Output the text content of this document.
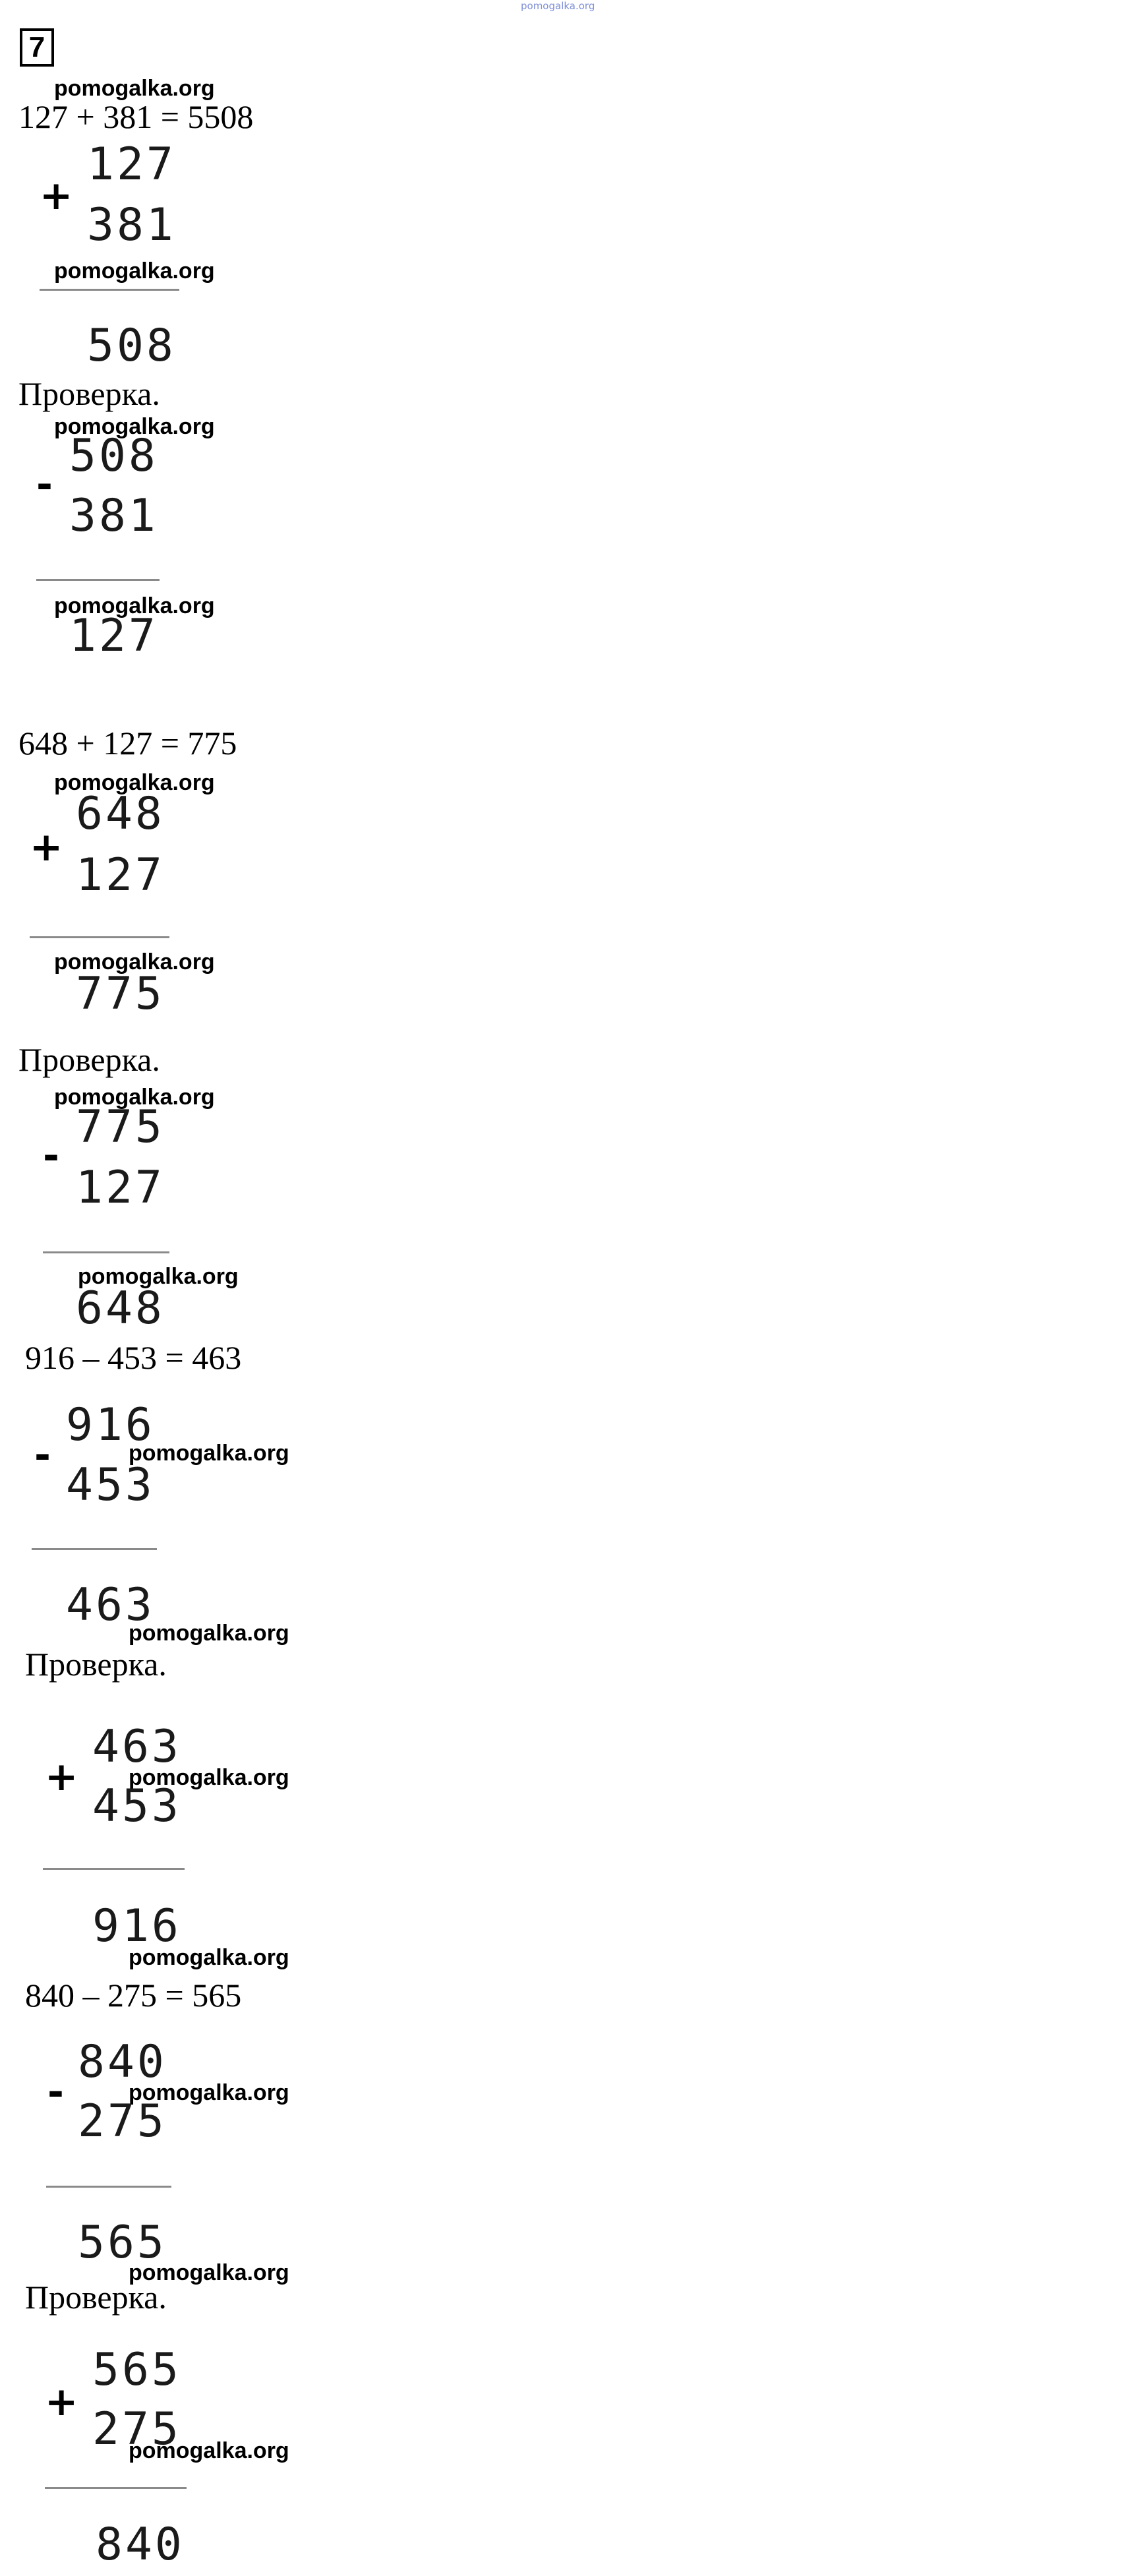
pomogalka.org
7
pomogalka.org
127 + 381 = 5508
+
127
381
pomogalka.org
508
Проверка.
pomogalka.org
-
508
381
pomogalka.org
127
648 + 127 = 775
pomogalka.org
+
648
127
pomogalka.org
775
Проверка.
pomogalka.org
-
775
127
pomogalka.org
648
916 – 453 = 463
-
916
pomogalka.org
453
463
pomogalka.org
Проверка.
+
463
pomogalka.org
453
916
pomogalka.org
840 – 275 = 565
-
840
pomogalka.org
275
565
pomogalka.org
Проверка.
+
565
275
pomogalka.org
840
